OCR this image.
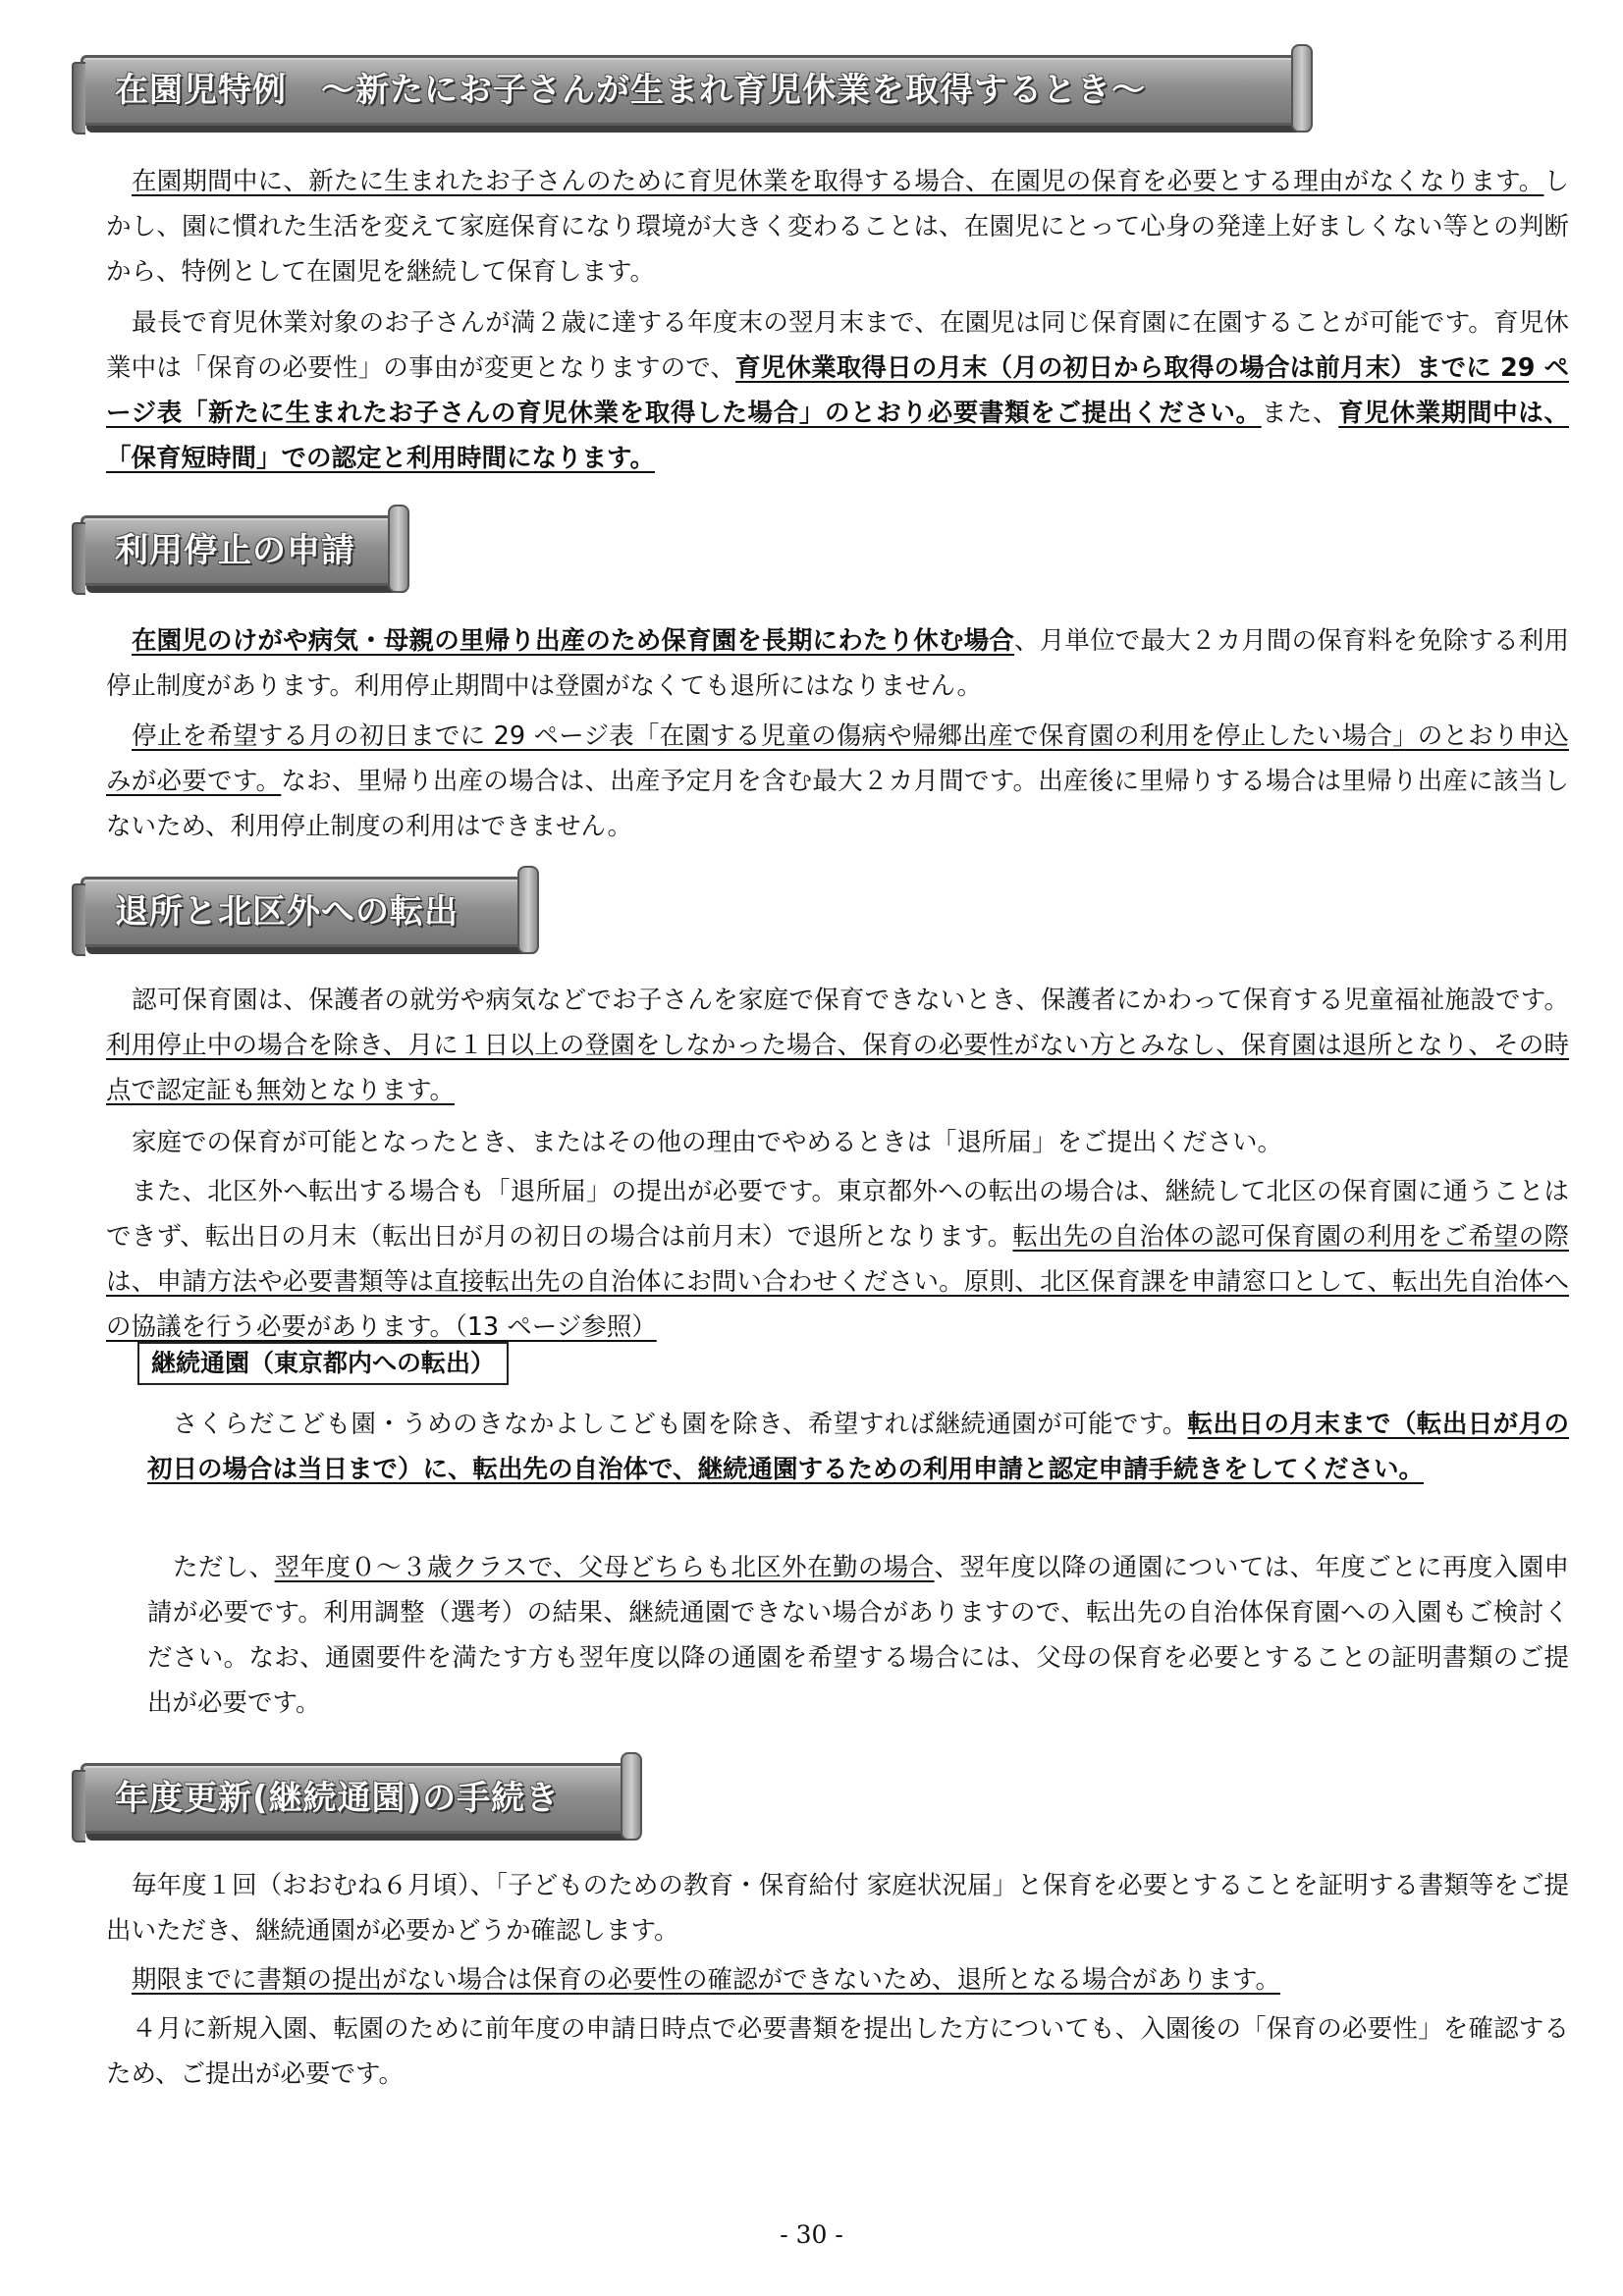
在園児特例　～新たにお子さんが生まれ育児休業を取得するとき～

在園期間中に、新たに生まれたお子さんのために育児休業を取得する場合、在園児の保育を必要とする理由がなくなります。しかし、園に慣れた生活を変えて家庭保育になり環境が大きく変わることは、在園児にとって心身の発達上好ましくない等との判断から、特例として在園児を継続して保育します。

最長で育児休業対象のお子さんが満２歳に達する年度末の翌月末まで、在園児は同じ保育園に在園することが可能です。育児休業中は「保育の必要性」の事由が変更となりますので、育児休業取得日の月末（月の初日から取得の場合は前月末）までに 29 ページ表「新たに生まれたお子さんの育児休業を取得した場合」のとおり必要書類をご提出ください。また、育児休業期間中は、「保育短時間」での認定と利用時間になります。

利用停止の申請

在園児のけがや病気・母親の里帰り出産のため保育園を長期にわたり休む場合、月単位で最大２カ月間の保育料を免除する利用停止制度があります。利用停止期間中は登園がなくても退所にはなりません。

停止を希望する月の初日までに 29 ページ表「在園する児童の傷病や帰郷出産で保育園の利用を停止したい場合」のとおり申込みが必要です。なお、里帰り出産の場合は、出産予定月を含む最大２カ月間です。出産後に里帰りする場合は里帰り出産に該当しないため、利用停止制度の利用はできません。

退所と北区外への転出

認可保育園は、保護者の就労や病気などでお子さんを家庭で保育できないとき、保護者にかわって保育する児童福祉施設です。利用停止中の場合を除き、月に１日以上の登園をしなかった場合、保育の必要性がない方とみなし、保育園は退所となり、その時点で認定証も無効となります。

家庭での保育が可能となったとき、またはその他の理由でやめるときは「退所届」をご提出ください。

また、北区外へ転出する場合も「退所届」の提出が必要です。東京都外への転出の場合は、継続して北区の保育園に通うことはできず、転出日の月末（転出日が月の初日の場合は前月末）で退所となります。転出先の自治体の認可保育園の利用をご希望の際は、申請方法や必要書類等は直接転出先の自治体にお問い合わせください。原則、北区保育課を申請窓口として、転出先自治体への協議を行う必要があります。（13 ページ参照）

継続通園（東京都内への転出）

さくらだこども園・うめのきなかよしこども園を除き、希望すれば継続通園が可能です。転出日の月末まで（転出日が月の初日の場合は当日まで）に、転出先の自治体で、継続通園するための利用申請と認定申請手続きをしてください。

ただし、翌年度０～３歳クラスで、父母どちらも北区外在勤の場合、翌年度以降の通園については、年度ごとに再度入園申請が必要です。利用調整（選考）の結果、継続通園できない場合がありますので、転出先の自治体保育園への入園もご検討ください。なお、通園要件を満たす方も翌年度以降の通園を希望する場合には、父母の保育を必要とすることの証明書類のご提出が必要です。

年度更新(継続通園)の手続き

毎年度１回（おおむね６月頃）、「子どものための教育・保育給付 家庭状況届」と保育を必要とすることを証明する書類等をご提出いただき、継続通園が必要かどうか確認します。

期限までに書類の提出がない場合は保育の必要性の確認ができないため、退所となる場合があります。

４月に新規入園、転園のために前年度の申請日時点で必要書類を提出した方についても、入園後の「保育の必要性」を確認するため、ご提出が必要です。

- 30 -
